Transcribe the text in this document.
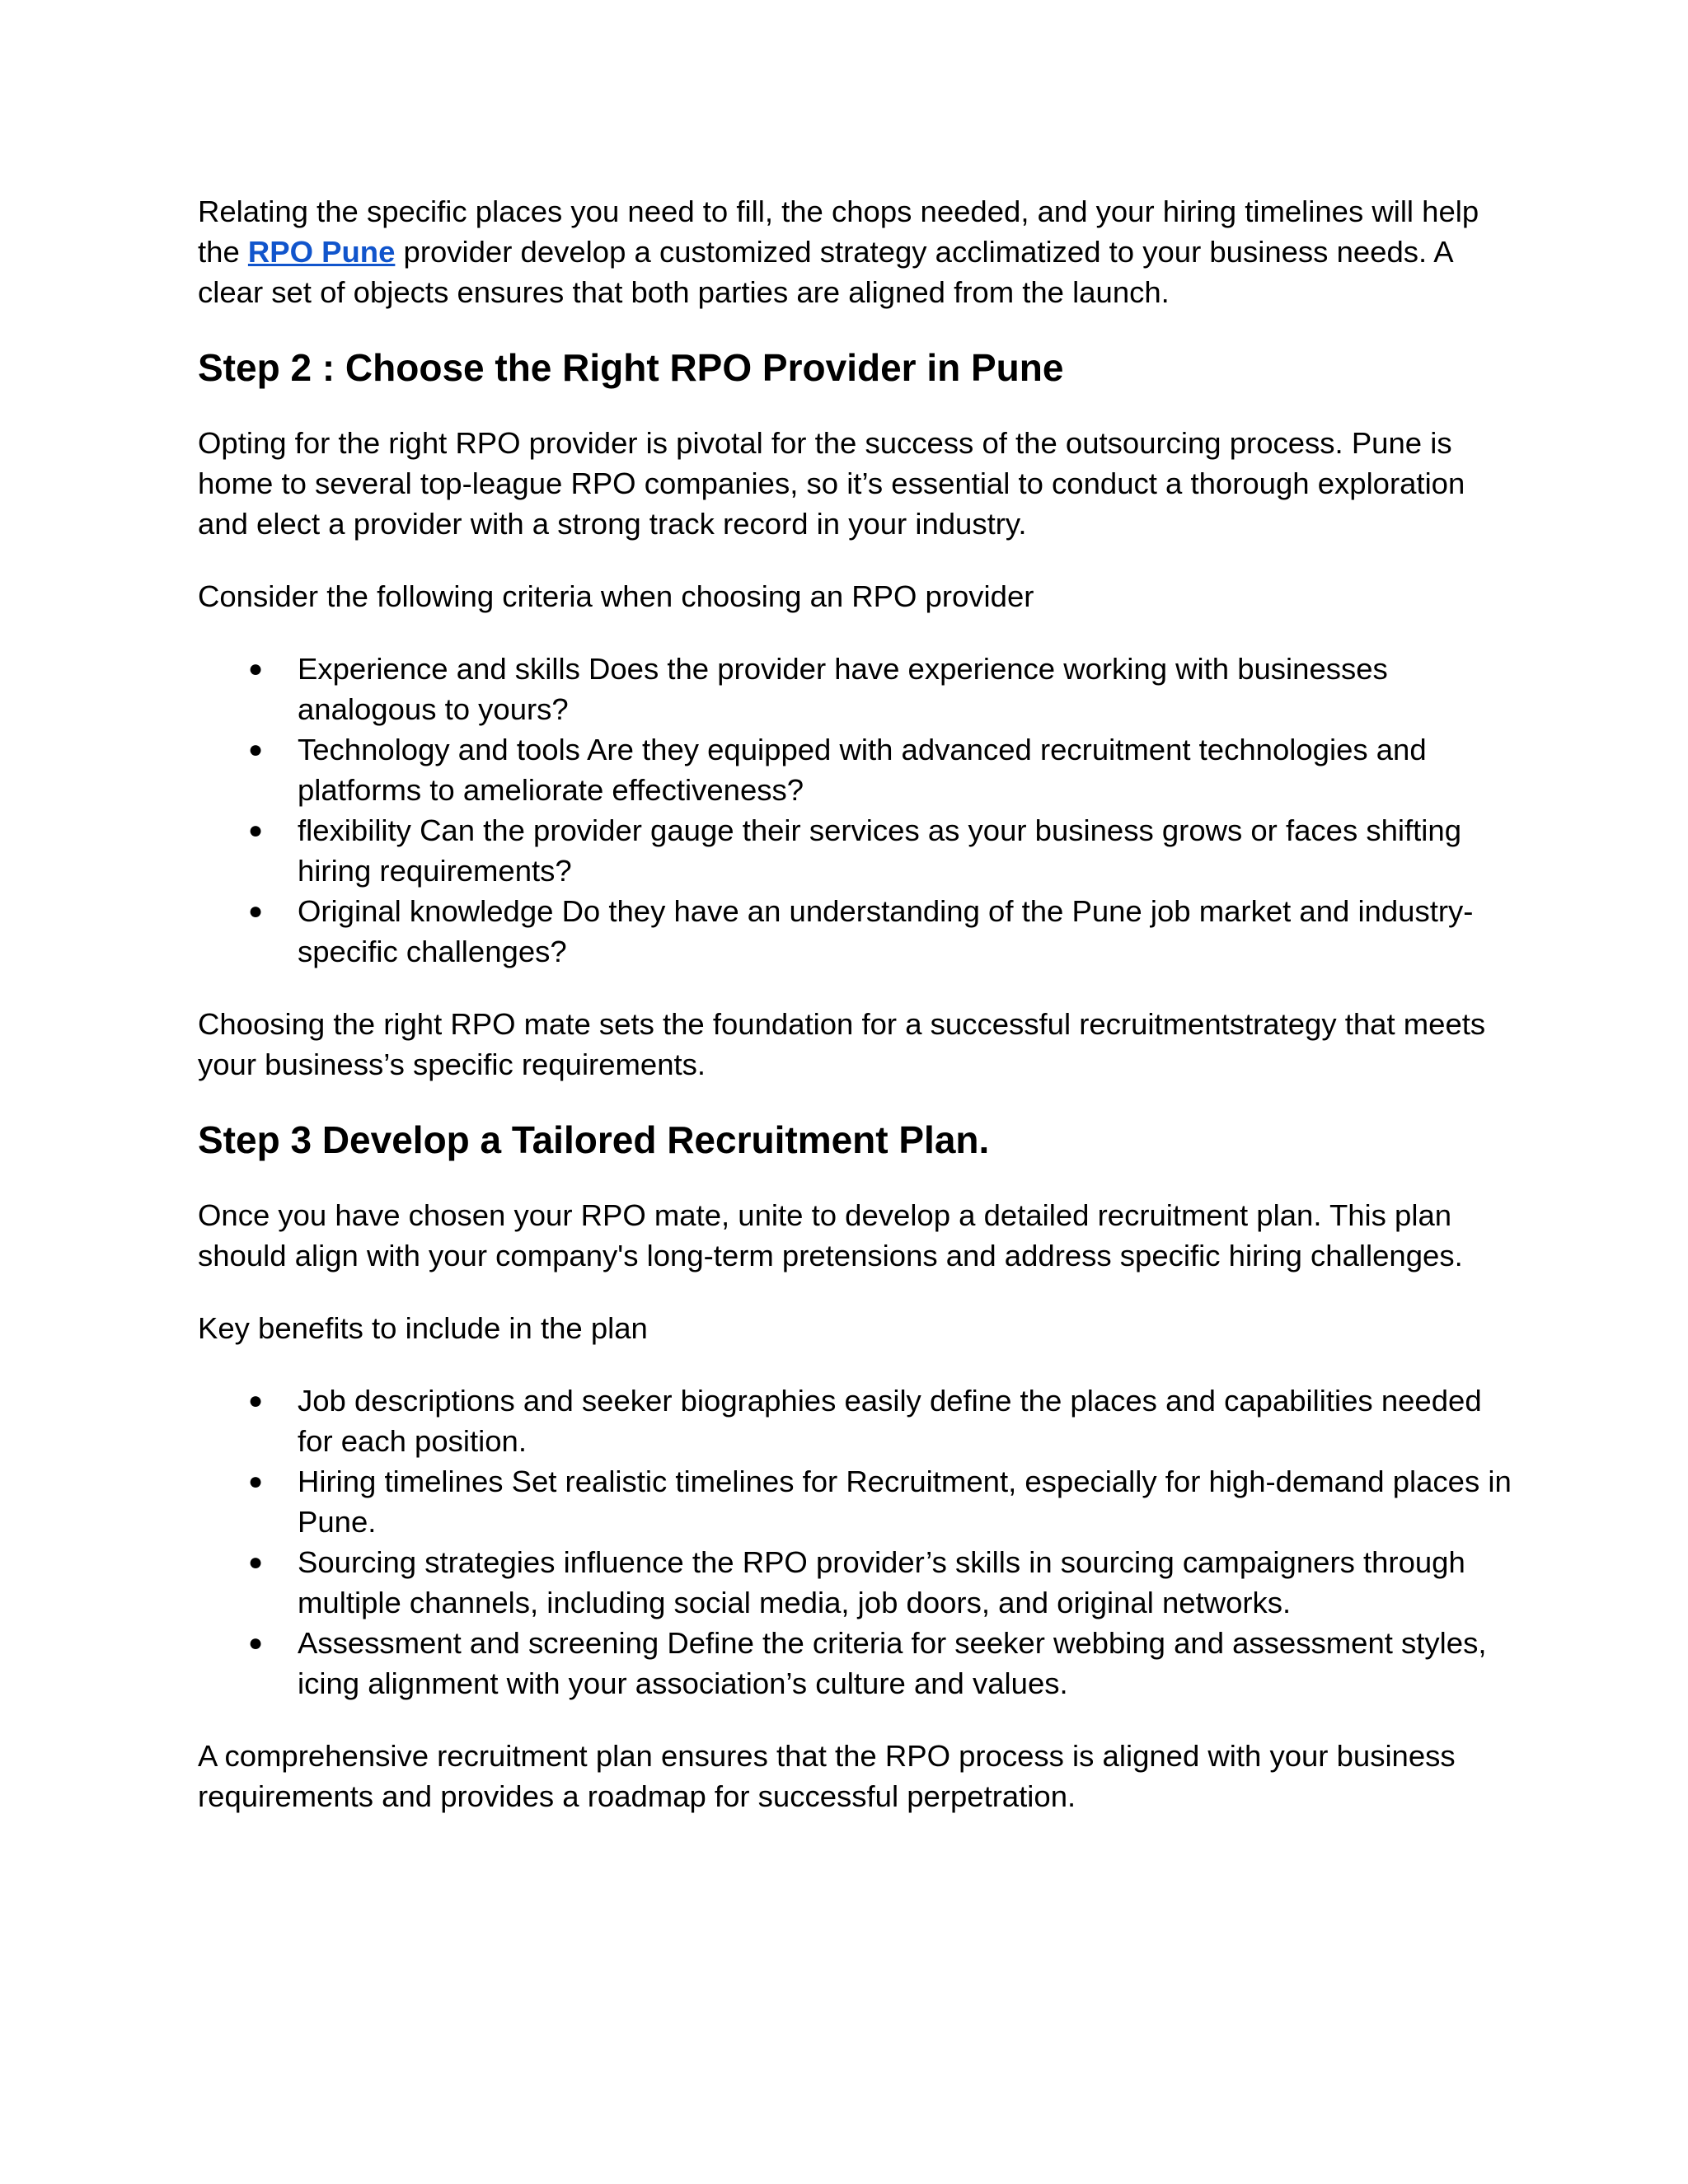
Relating the specific places you need to fill, the chops needed, and your hiring timelines will help the RPO Pune provider develop a customized strategy acclimatized to your business needs. A clear set of objects ensures that both parties are aligned from the launch.

Step 2 : Choose the Right RPO Provider in Pune

Opting for the right RPO provider is pivotal for the success of the outsourcing process. Pune is home to several top-league RPO companies, so it’s essential to conduct a thorough exploration and elect a provider with a strong track record in your industry.

Consider the following criteria when choosing an RPO provider

● Experience and skills Does the provider have experience working with businesses analogous to yours?
● Technology and tools Are they equipped with advanced recruitment technologies and platforms to ameliorate effectiveness?
● flexibility Can the provider gauge their services as your business grows or faces shifting hiring requirements?
● Original knowledge Do they have an understanding of the Pune job market and industry-specific challenges?

Choosing the right RPO mate sets the foundation for a successful recruitmentstrategy that meets your business’s specific requirements.

Step 3 Develop a Tailored Recruitment Plan.

Once you have chosen your RPO mate, unite to develop a detailed recruitment plan. This plan should align with your company's long-term pretensions and address specific hiring challenges.

Key benefits to include in the plan

● Job descriptions and seeker biographies easily define the places and capabilities needed for each position.
● Hiring timelines Set realistic timelines for Recruitment, especially for high-demand places in Pune.
● Sourcing strategies influence the RPO provider’s skills in sourcing campaigners through multiple channels, including social media, job doors, and original networks.
● Assessment and screening Define the criteria for seeker webbing and assessment styles, icing alignment with your association’s culture and values.

A comprehensive recruitment plan ensures that the RPO process is aligned with your business requirements and provides a roadmap for successful perpetration.
